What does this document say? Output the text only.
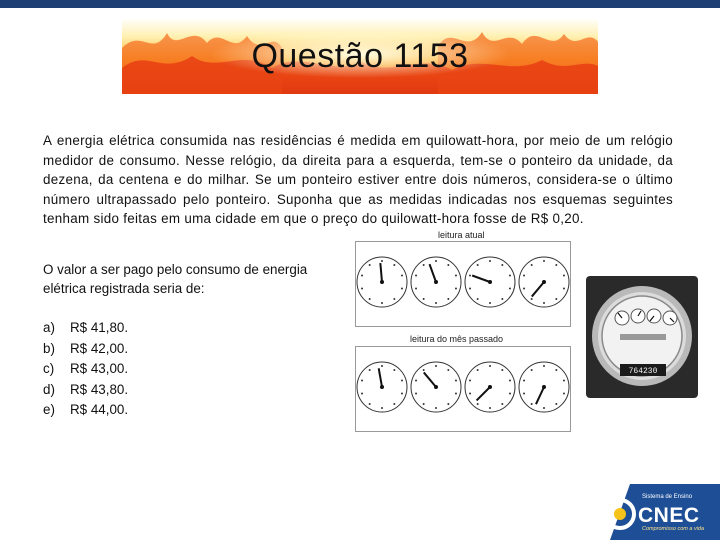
Questão 1153
A energia elétrica consumida nas residências é medida em quilowatt-hora, por meio de um relógio medidor de consumo. Nesse relógio, da direita para a esquerda, tem-se o ponteiro da unidade, da dezena, da centena e do milhar. Se um ponteiro estiver entre dois números, considera-se o último número ultrapassado pelo ponteiro. Suponha que as medidas indicadas nos esquemas seguintes tenham sido feitas em uma cidade em que o preço do quilowatt-hora fosse de R$ 0,20.
O valor a ser pago pelo consumo de energia elétrica registrada seria de:
a)	R$ 41,80.
b)	R$ 42,00.
c)	R$ 43,00.
d)	R$ 43,80.
e)	R$ 44,00.
leitura atual
leitura do mês passado
764230
Sistema de Ensino
CNEC
Compromisso com a vida
